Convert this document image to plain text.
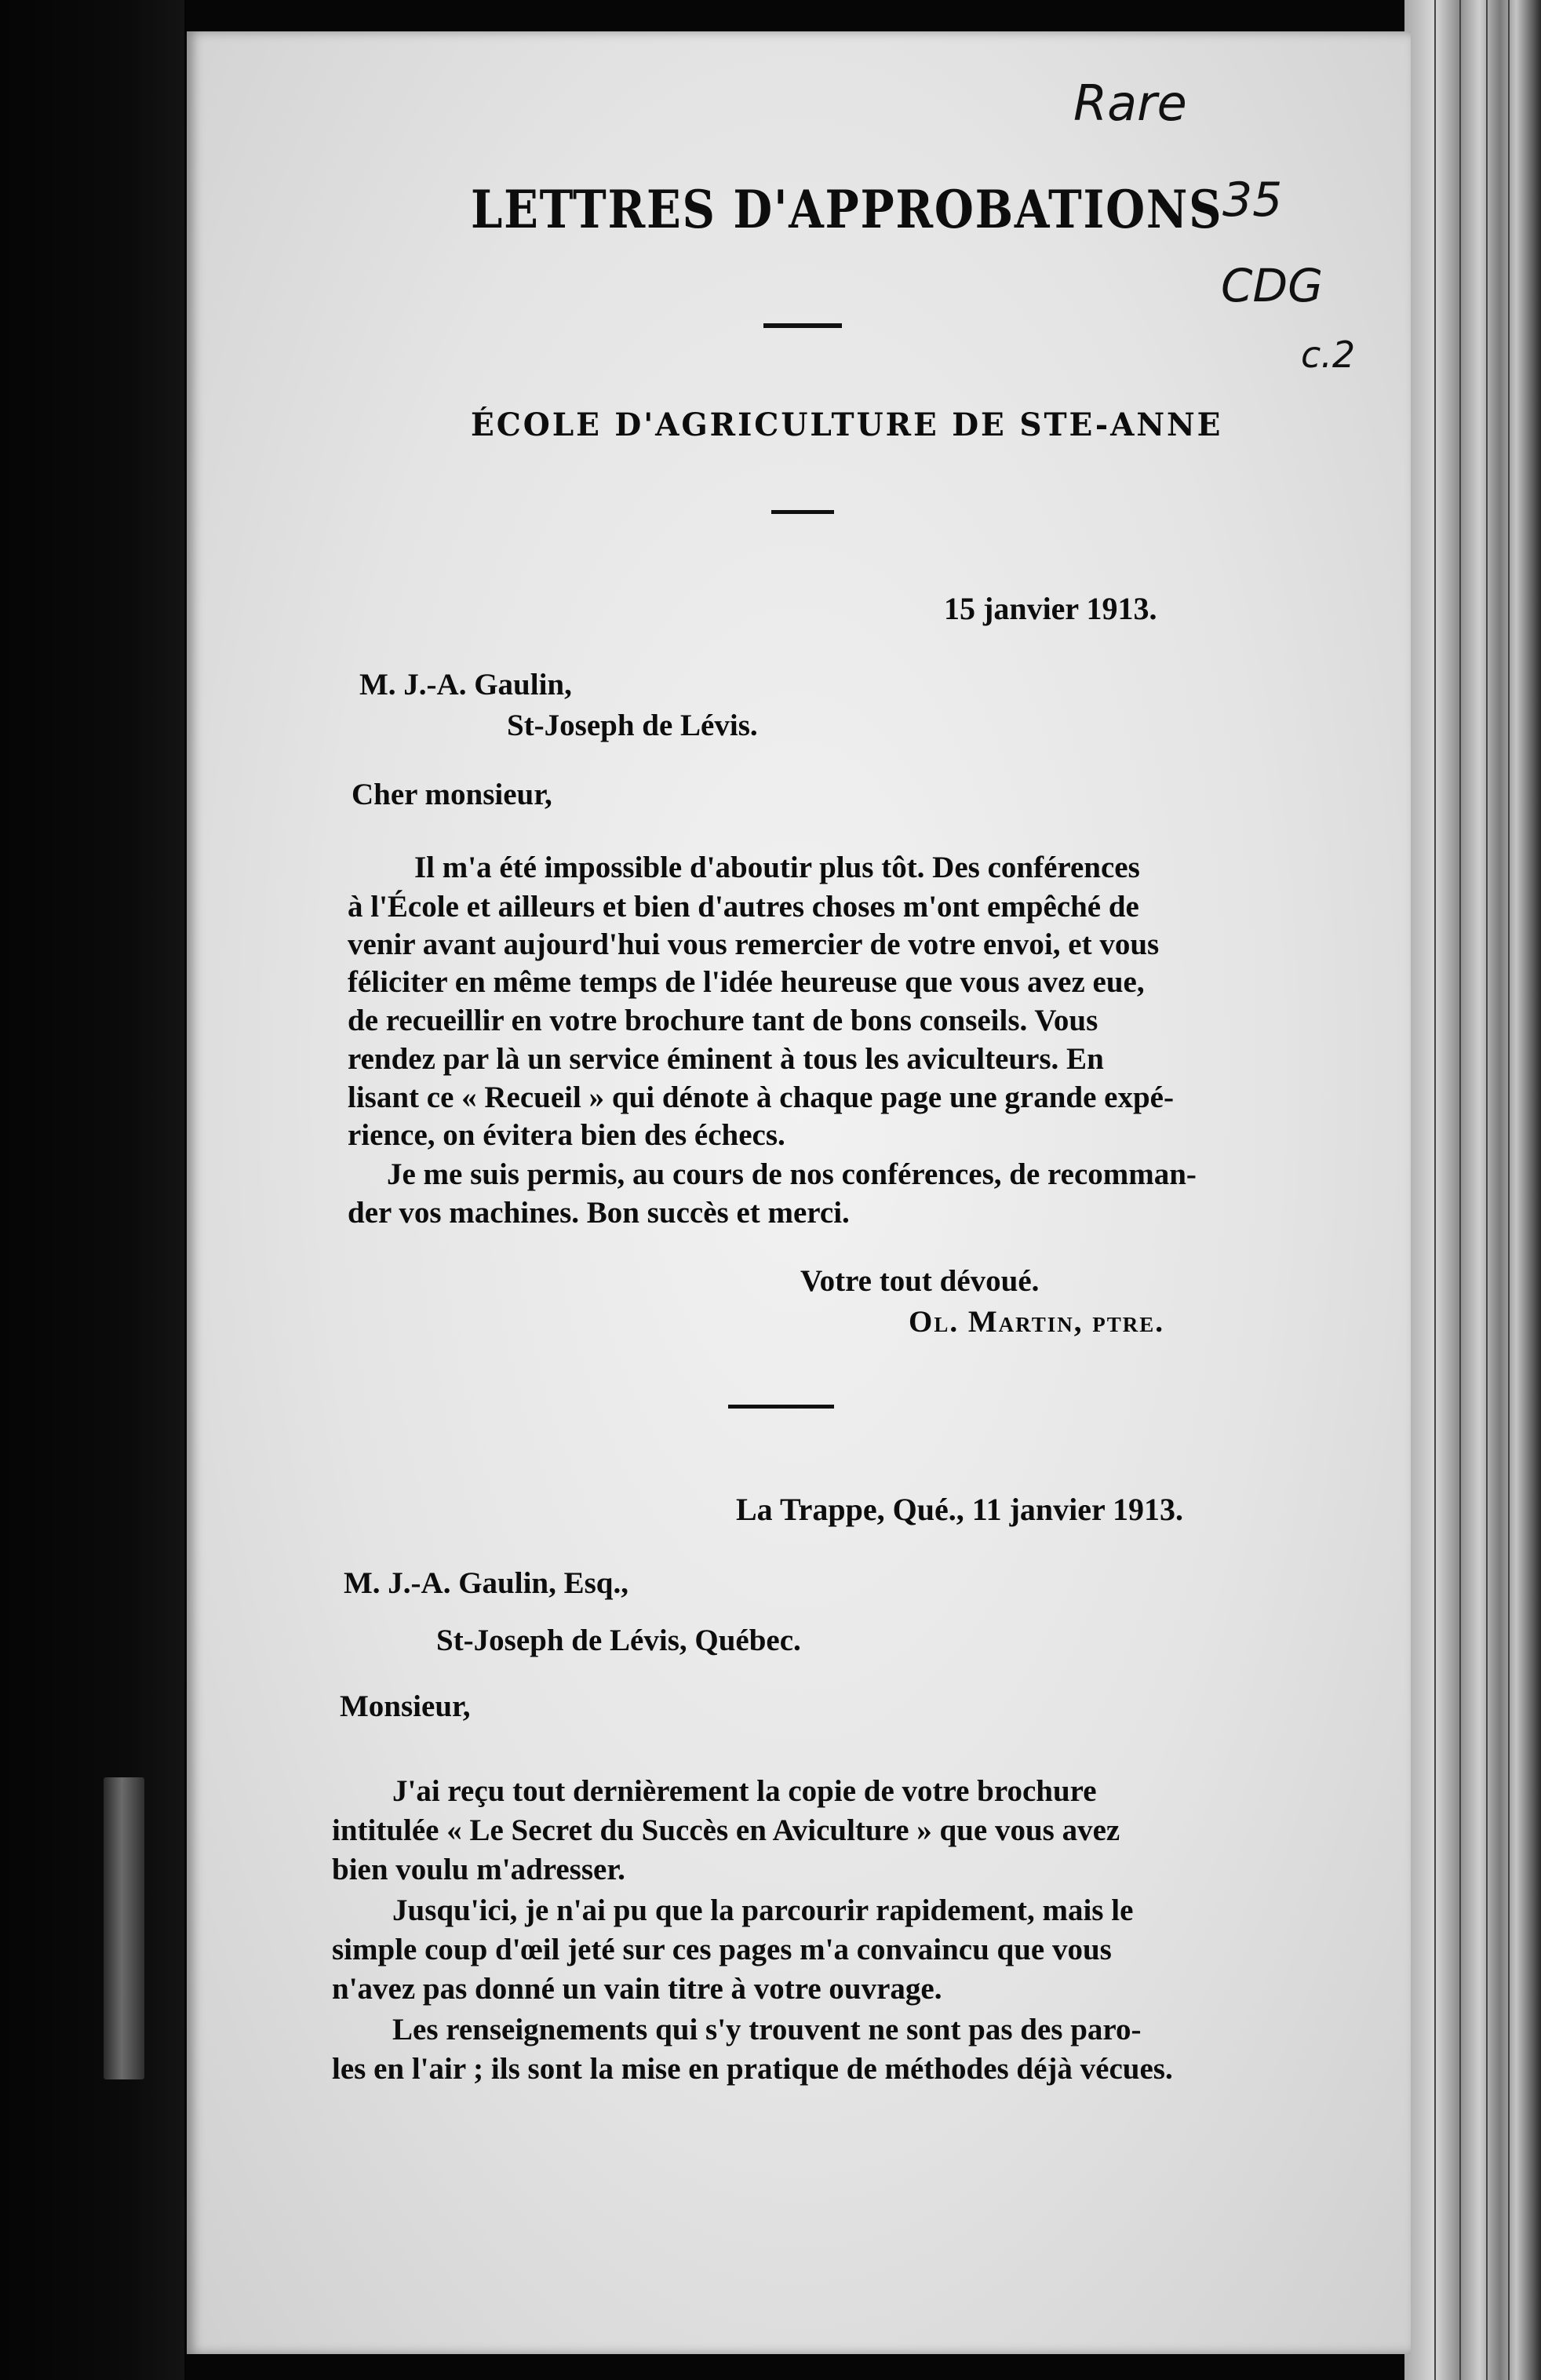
Rare
35
CDG
c.2
LETTRES D'APPROBATIONS
ÉCOLE D'AGRICULTURE DE STE-ANNE
15 janvier 1913.
M. J.-A. Gaulin,
St-Joseph de Lévis.
Cher monsieur,
Il m'a été impossible d'aboutir plus tôt. Des conférences
à l'École et ailleurs et bien d'autres choses m'ont empêché de
venir avant aujourd'hui vous remercier de votre envoi, et vous
féliciter en même temps de l'idée heureuse que vous avez eue,
de recueillir en votre brochure tant de bons conseils. Vous
rendez par là un service éminent à tous les aviculteurs. En
lisant ce « Recueil » qui dénote à chaque page une grande expé-
rience, on évitera bien des échecs.
Je me suis permis, au cours de nos conférences, de recomman-
der vos machines. Bon succès et merci.
Votre tout dévoué.
Ol. Martin, ptre.
La Trappe, Qué., 11 janvier 1913.
M. J.-A. Gaulin, Esq.,
St-Joseph de Lévis, Québec.
Monsieur,
J'ai reçu tout dernièrement la copie de votre brochure
intitulée « Le Secret du Succès en Aviculture » que vous avez
bien voulu m'adresser.
Jusqu'ici, je n'ai pu que la parcourir rapidement, mais le
simple coup d'œil jeté sur ces pages m'a convaincu que vous
n'avez pas donné un vain titre à votre ouvrage.
Les renseignements qui s'y trouvent ne sont pas des paro-
les en l'air ; ils sont la mise en pratique de méthodes déjà vécues.
